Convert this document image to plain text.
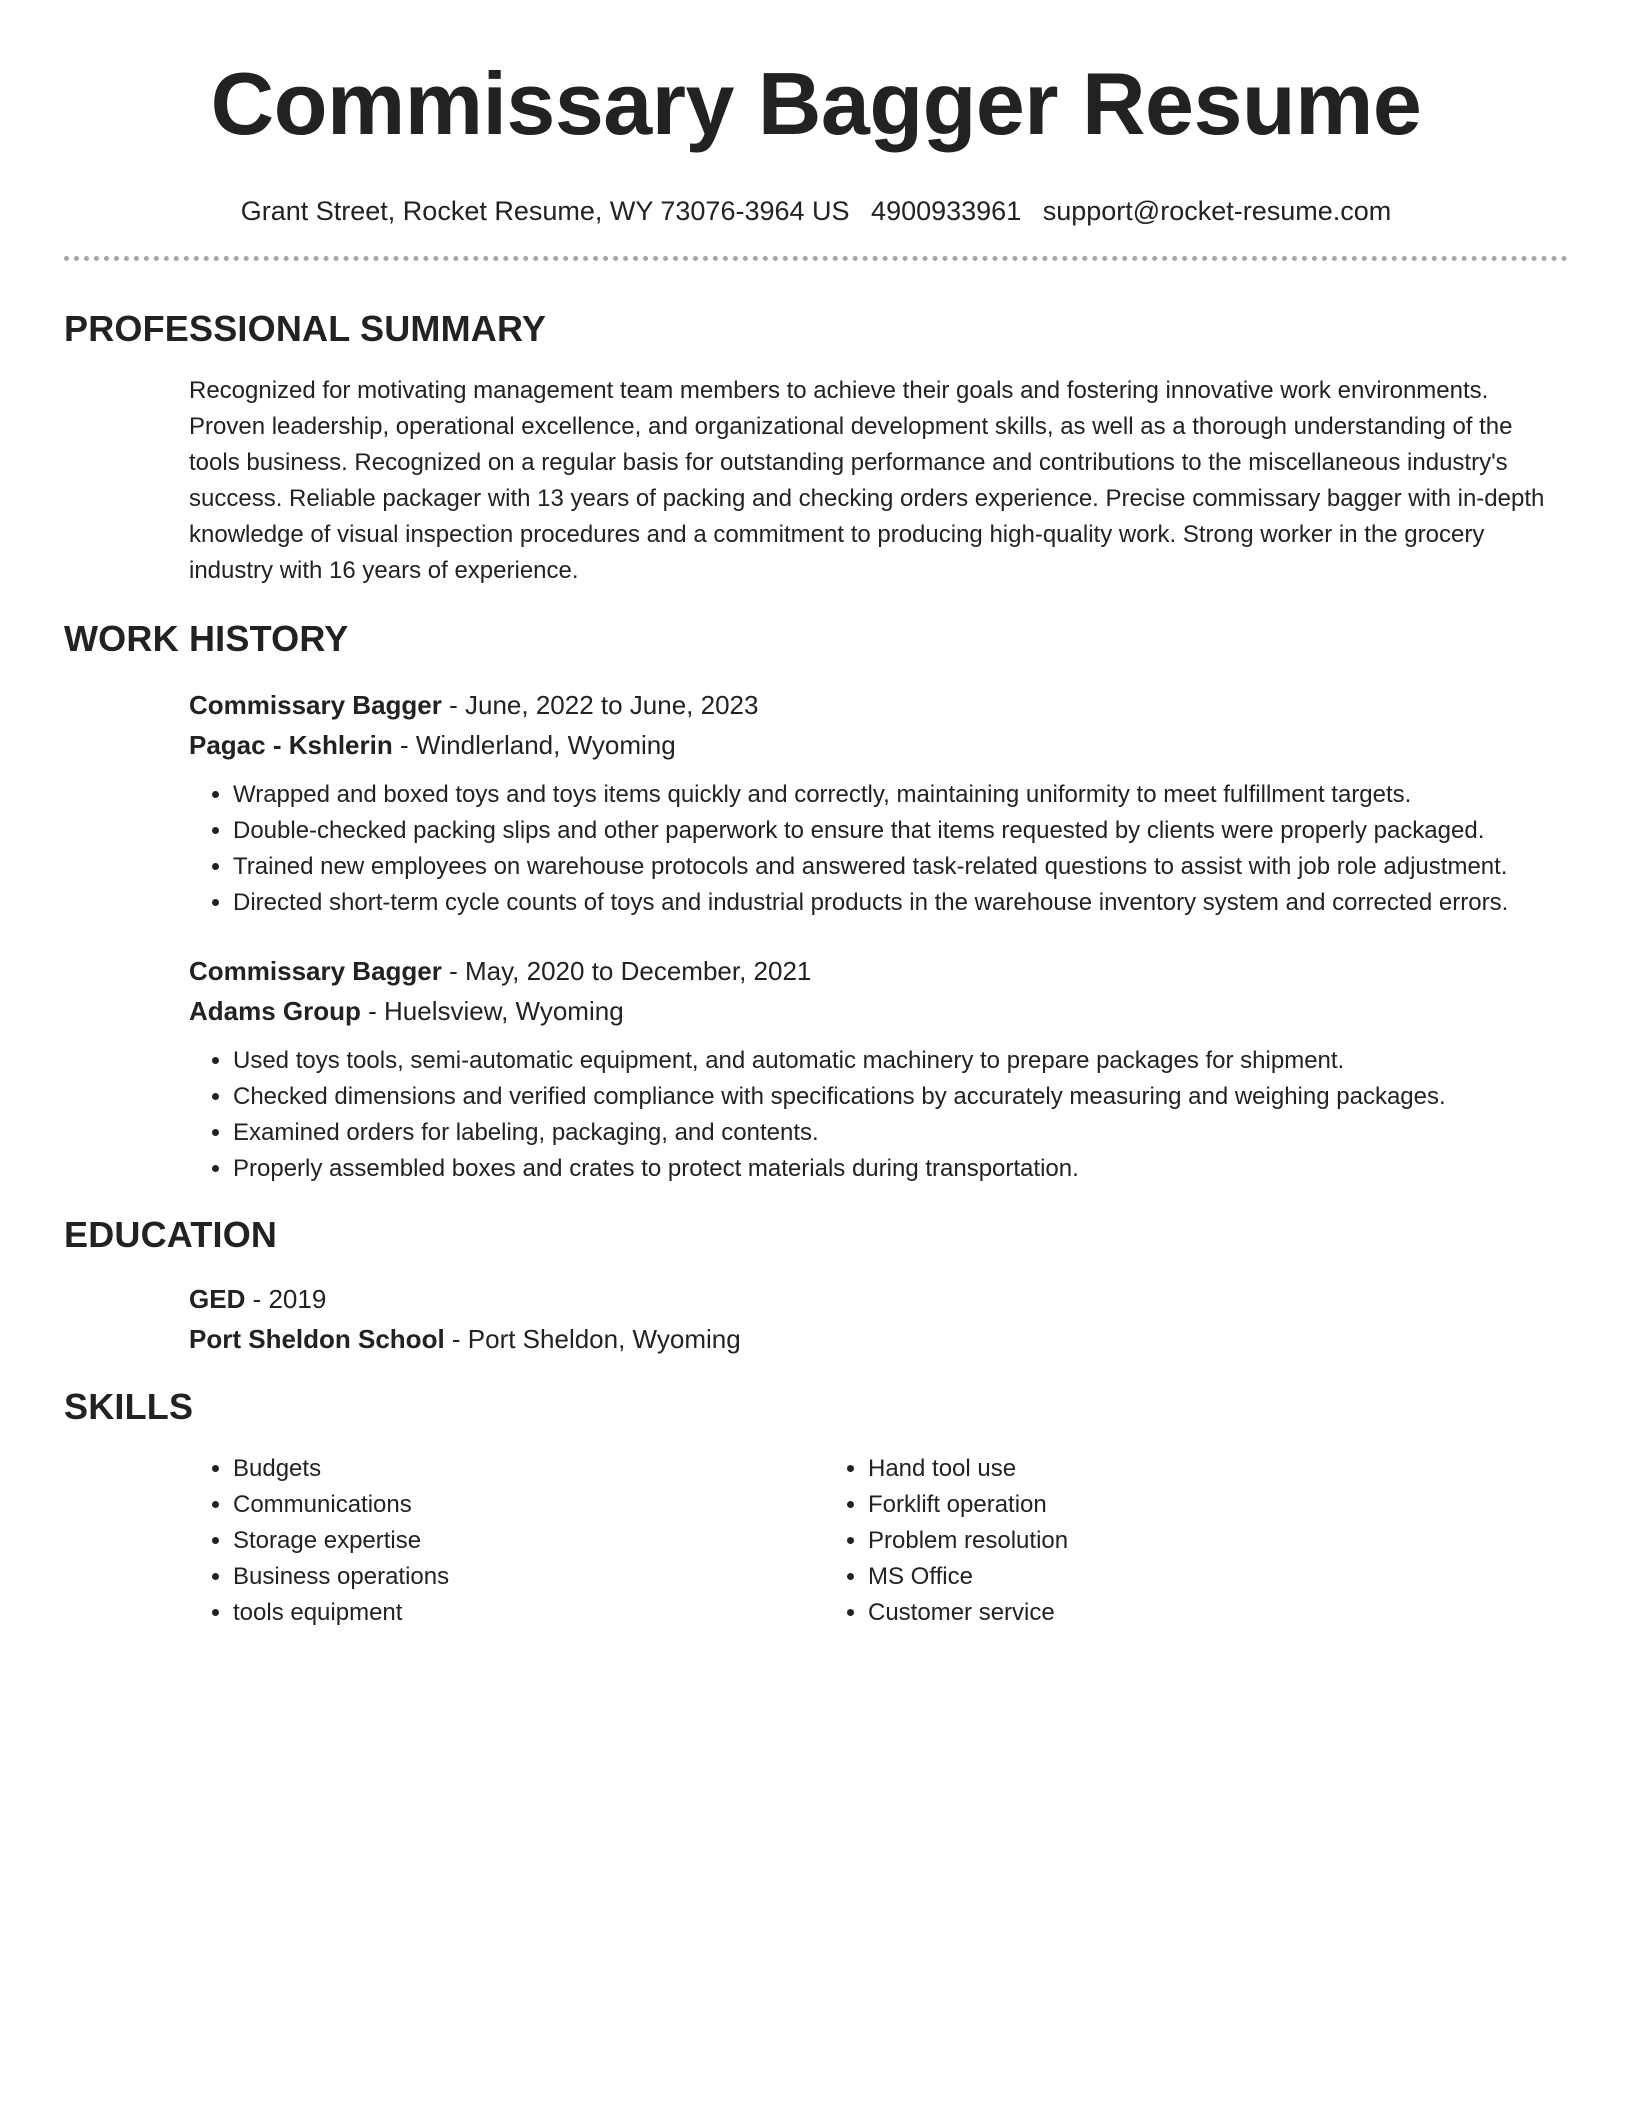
Commissary Bagger Resume
Grant Street, Rocket Resume, WY 73076-3964 US 4900933961 support@rocket-resume.com
PROFESSIONAL SUMMARY

Recognized for motivating management team members to achieve their goals and fostering innovative work environments. Proven leadership, operational excellence, and organizational development skills, as well as a thorough understanding of the tools business. Recognized on a regular basis for outstanding performance and contributions to the miscellaneous industry's success. Reliable packager with 13 years of packing and checking orders experience. Precise commissary bagger with in-depth knowledge of visual inspection procedures and a commitment to producing high-quality work. Strong worker in the grocery industry with 16 years of experience.

WORK HISTORY
Commissary Bagger - June, 2022 to June, 2023
Pagac - Kshlerin - Windlerland, Wyoming
• Wrapped and boxed toys and toys items quickly and correctly, maintaining uniformity to meet fulfillment targets.
• Double-checked packing slips and other paperwork to ensure that items requested by clients were properly packaged.
• Trained new employees on warehouse protocols and answered task-related questions to assist with job role adjustment.
• Directed short-term cycle counts of toys and industrial products in the warehouse inventory system and corrected errors.
Commissary Bagger - May, 2020 to December, 2021
Adams Group - Huelsview, Wyoming
• Used toys tools, semi-automatic equipment, and automatic machinery to prepare packages for shipment.
• Checked dimensions and verified compliance with specifications by accurately measuring and weighing packages.
• Examined orders for labeling, packaging, and contents.
• Properly assembled boxes and crates to protect materials during transportation.
EDUCATION
GED - 2019
Port Sheldon School - Port Sheldon, Wyoming
SKILLS
• Budgets
• Communications
• Storage expertise
• Business operations
• tools equipment
• Hand tool use
• Forklift operation
• Problem resolution
• MS Office
• Customer service
